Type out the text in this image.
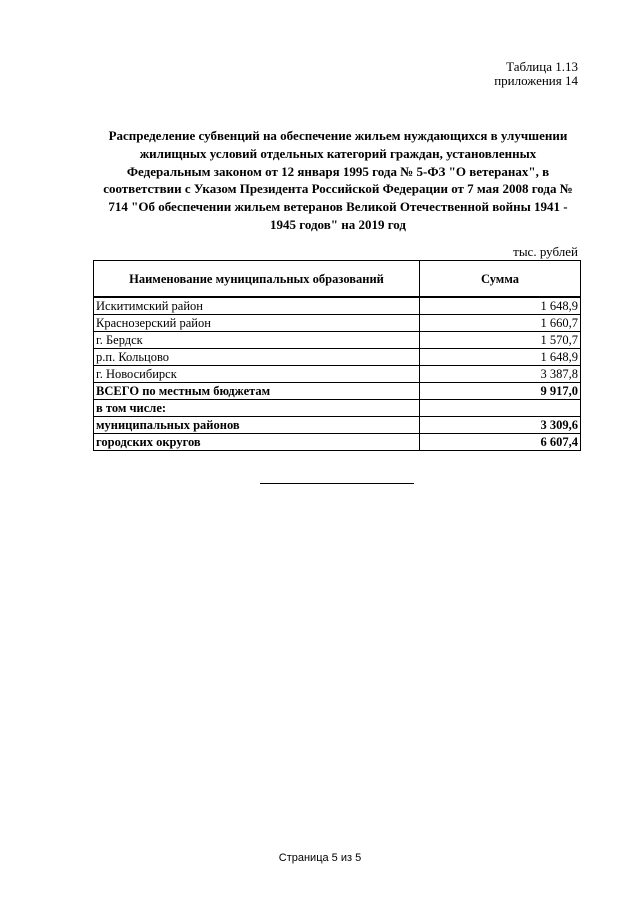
Таблица 1.13
приложения 14
Распределение субвенций на обеспечение жильем нуждающихся в улучшении
жилищных условий отдельных категорий граждан, установленных
Федеральным законом от 12 января 1995 года № 5-ФЗ "О ветеранах", в
соответствии с Указом Президента Российской Федерации от 7 мая 2008 года №
714 "Об обеспечении жильем ветеранов Великой Отечественной войны 1941 -
1945 годов" на 2019 год
тыс. рублей
Наименование муниципальных образований	Сумма
Искитимский район	1 648,9
Краснозерский район	1 660,7
г. Бердск	1 570,7
р.п. Кольцово	1 648,9
г. Новосибирск	3 387,8
ВСЕГО по местным бюджетам	9 917,0
в том числе:	
муниципальных районов	3 309,6
городских округов	6 607,4
Страница 5 из 5
